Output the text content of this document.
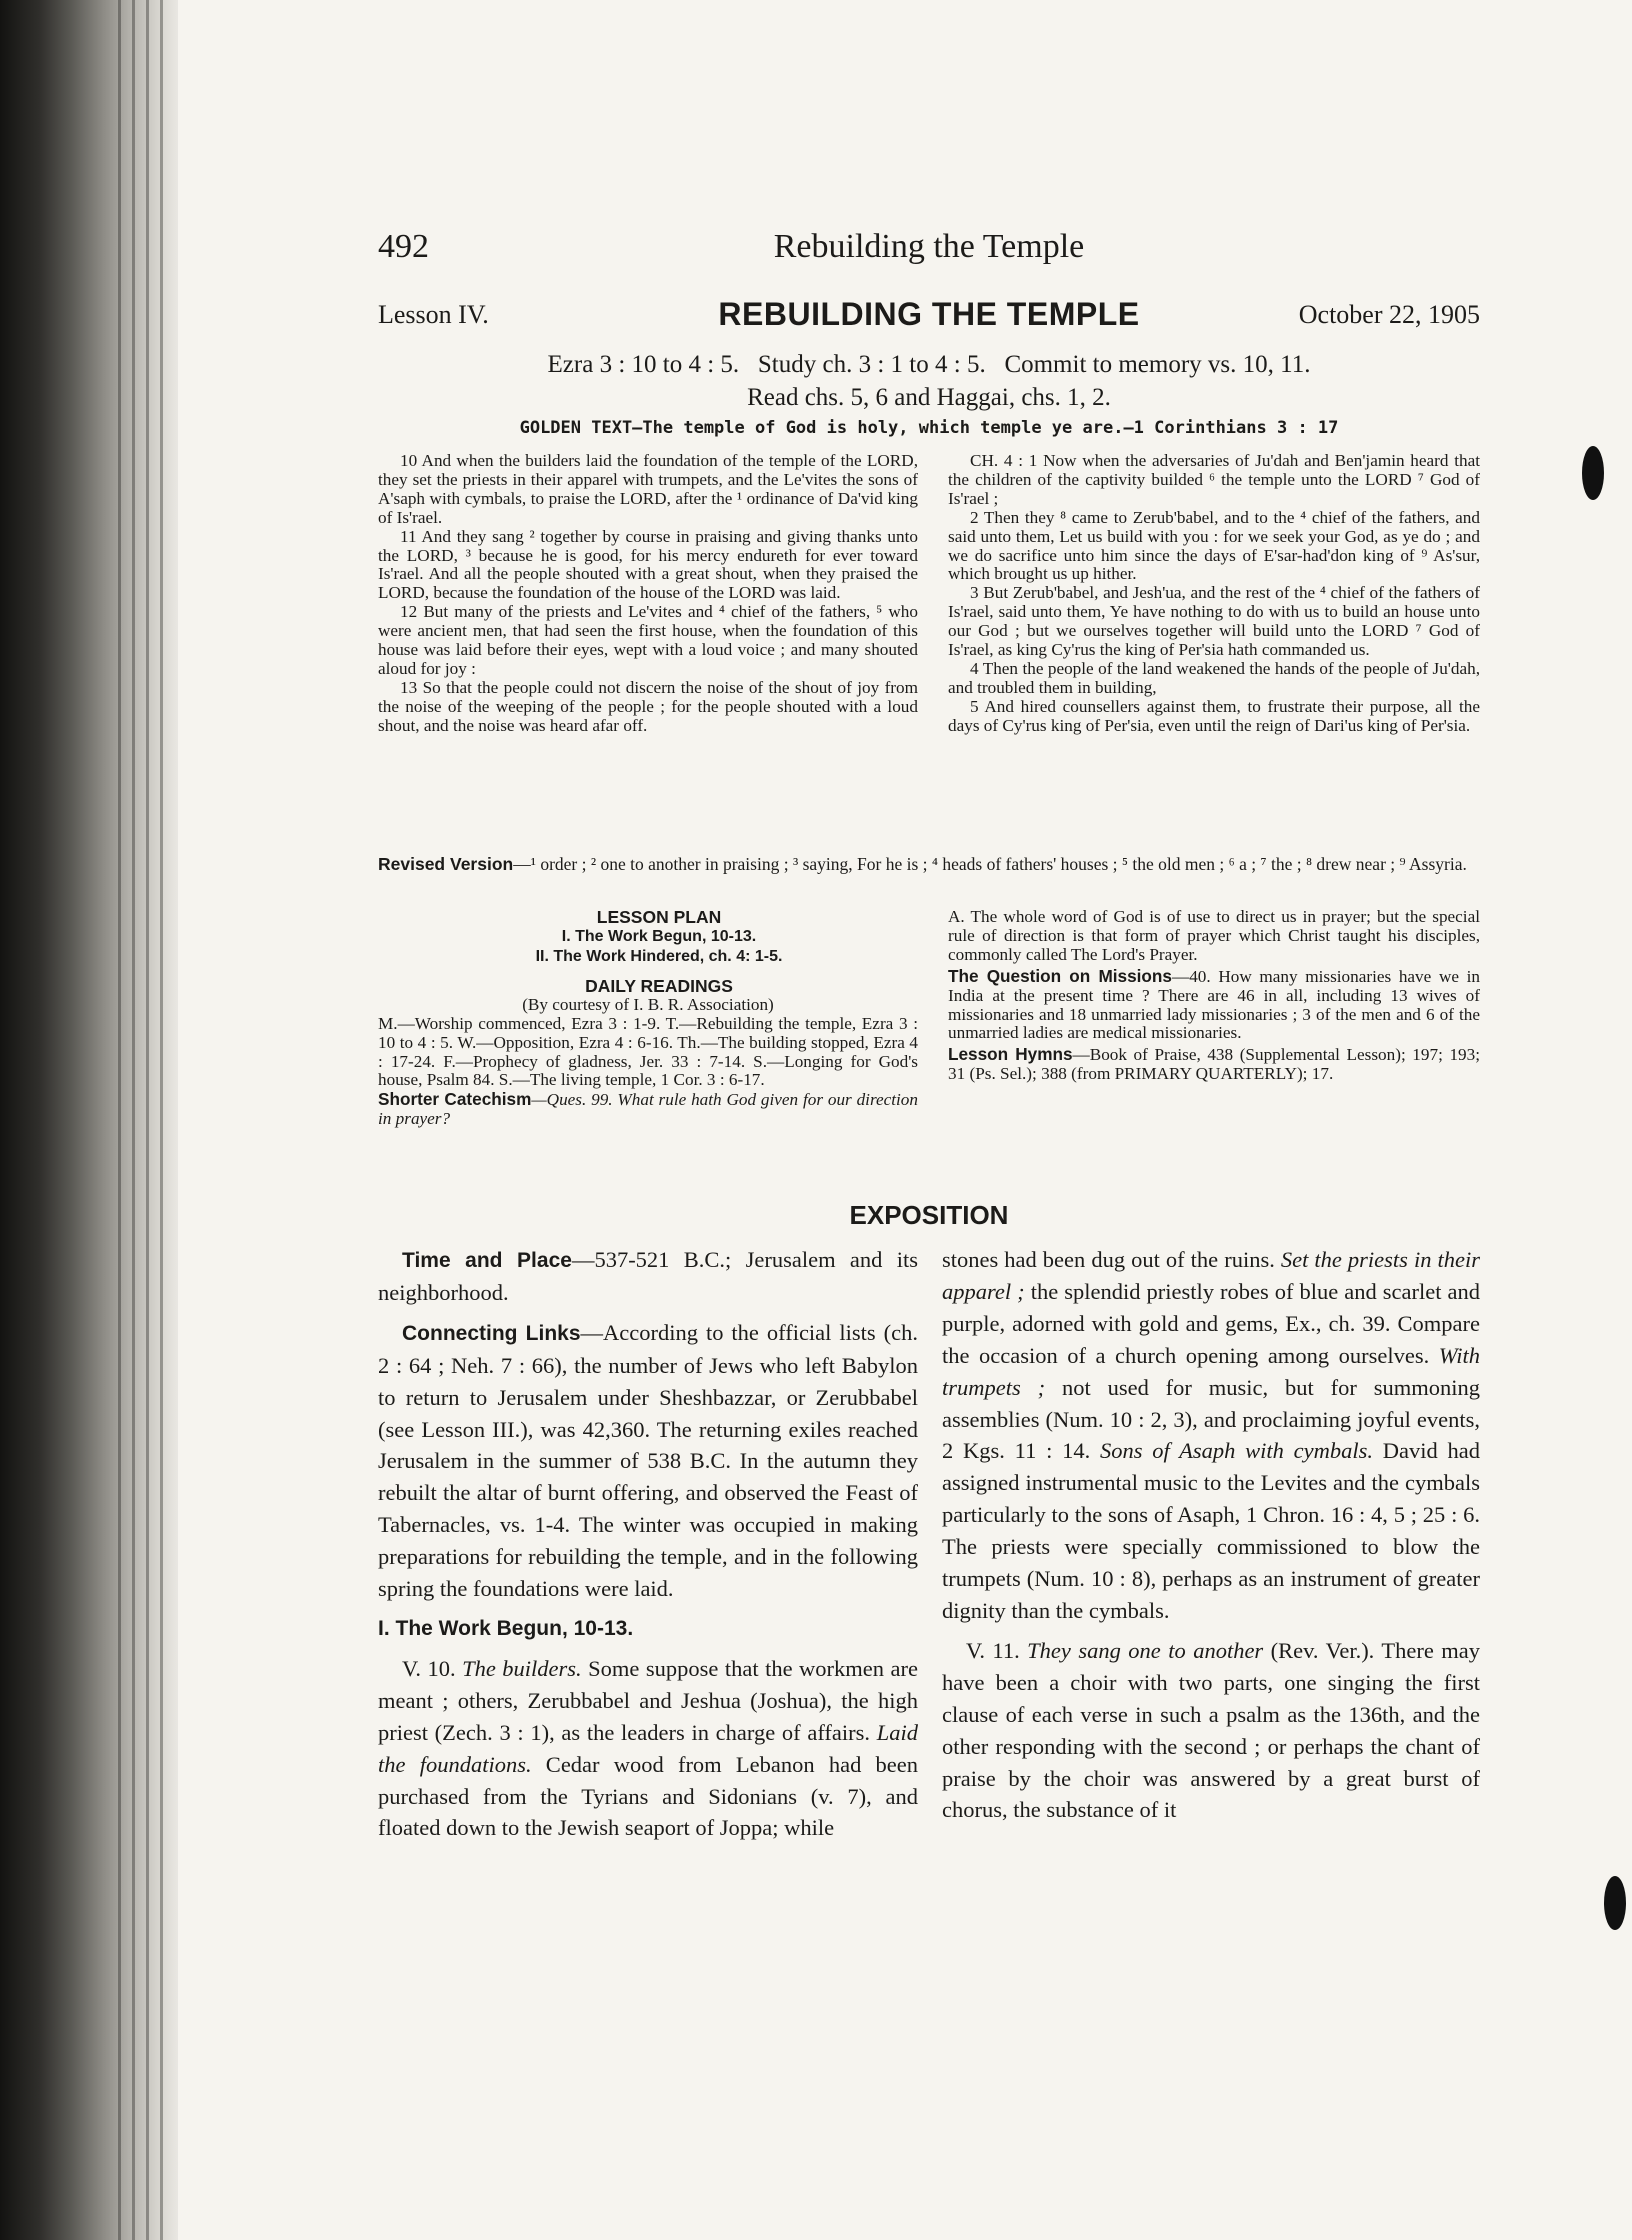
492	Rebuilding the Temple
Lesson IV.	REBUILDING THE TEMPLE	October 22, 1905
Ezra 3 : 10 to 4 : 5.   Study ch. 3 : 1 to 4 : 5.   Commit to memory vs. 10, 11.
Read chs. 5, 6 and Haggai, chs. 1, 2.
GOLDEN TEXT—The temple of God is holy, which temple ye are.—1 Corinthians 3 : 17

10 And when the builders laid the foundation of the temple of the LORD, they set the priests in their apparel with trumpets, and the Le'vites the sons of A'saph with cymbals, to praise the LORD, after the ¹ ordinance of Da'vid king of Is'rael.

11 And they sang ² together by course in praising and giving thanks unto the LORD, ³ because he is good, for his mercy endureth for ever toward Is'rael. And all the people shouted with a great shout, when they praised the LORD, because the foundation of the house of the LORD was laid.

12 But many of the priests and Le'vites and ⁴ chief of the fathers, ⁵ who were ancient men, that had seen the first house, when the foundation of this house was laid before their eyes, wept with a loud voice ; and many shouted aloud for joy :

13 So that the people could not discern the noise of the shout of joy from the noise of the weeping of the people ; for the people shouted with a loud shout, and the noise was heard afar off.

CH. 4 : 1 Now when the adversaries of Ju'dah and Ben'jamin heard that the children of the captivity builded ⁶ the temple unto the LORD ⁷ God of Is'rael ;

2 Then they ⁸ came to Zerub'babel, and to the ⁴ chief of the fathers, and said unto them, Let us build with you : for we seek your God, as ye do ; and we do sacrifice unto him since the days of E'sar-had'don king of ⁹ As'sur, which brought us up hither.

3 But Zerub'babel, and Jesh'ua, and the rest of the ⁴ chief of the fathers of Is'rael, said unto them, Ye have nothing to do with us to build an house unto our God ; but we ourselves together will build unto the LORD ⁷ God of Is'rael, as king Cy'rus the king of Per'sia hath commanded us.

4 Then the people of the land weakened the hands of the people of Ju'dah, and troubled them in building,

5 And hired counsellers against them, to frustrate their purpose, all the days of Cy'rus king of Per'sia, even until the reign of Dari'us king of Per'sia.

Revised Version—¹ order ; ² one to another in praising ; ³ saying, For he is ; ⁴ heads of fathers' houses ; ⁵ the old men ; ⁶ a ; ⁷ the ; ⁸ drew near ; ⁹ Assyria.

LESSON PLAN

I. The Work Begun, 10-13.

II. The Work Hindered, ch. 4: 1-5.

DAILY READINGS

(By courtesy of I. B. R. Association)

M.—Worship commenced, Ezra 3 : 1-9. T.—Rebuilding the temple, Ezra 3 : 10 to 4 : 5. W.—Opposition, Ezra 4 : 6-16. Th.—The building stopped, Ezra 4 : 17-24. F.—Prophecy of gladness, Jer. 33 : 7-14. S.—Longing for God's house, Psalm 84. S.—The living temple, 1 Cor. 3 : 6-17.

Shorter Catechism—Ques. 99. What rule hath God given for our direction in prayer?

A. The whole word of God is of use to direct us in prayer; but the special rule of direction is that form of prayer which Christ taught his disciples, commonly called The Lord's Prayer.

The Question on Missions—40. How many missionaries have we in India at the present time ? There are 46 in all, including 13 wives of missionaries and 18 unmarried lady missionaries ; 3 of the men and 6 of the unmarried ladies are medical missionaries.

Lesson Hymns—Book of Praise, 438 (Supplemental Lesson); 197; 193; 31 (Ps. Sel.); 388 (from PRIMARY QUARTERLY); 17.

EXPOSITION

Time and Place—537-521 B.C.; Jerusalem and its neighborhood.

Connecting Links—According to the official lists (ch. 2 : 64 ; Neh. 7 : 66), the number of Jews who left Babylon to return to Jerusalem under Sheshbazzar, or Zerubbabel (see Lesson III.), was 42,360. The returning exiles reached Jerusalem in the summer of 538 B.C. In the autumn they rebuilt the altar of burnt offering, and observed the Feast of Tabernacles, vs. 1-4. The winter was occupied in making preparations for rebuilding the temple, and in the following spring the foundations were laid.

I. The Work Begun, 10-13.

V. 10. The builders. Some suppose that the workmen are meant ; others, Zerubbabel and Jeshua (Joshua), the high priest (Zech. 3 : 1), as the leaders in charge of affairs. Laid the foundations. Cedar wood from Lebanon had been purchased from the Tyrians and Sidonians (v. 7), and floated down to the Jewish seaport of Joppa; while

stones had been dug out of the ruins. Set the priests in their apparel ; the splendid priestly robes of blue and scarlet and purple, adorned with gold and gems, Ex., ch. 39. Compare the occasion of a church opening among ourselves. With trumpets ; not used for music, but for summoning assemblies (Num. 10 : 2, 3), and proclaiming joyful events, 2 Kgs. 11 : 14. Sons of Asaph with cymbals. David had assigned instrumental music to the Levites and the cymbals particularly to the sons of Asaph, 1 Chron. 16 : 4, 5 ; 25 : 6. The priests were specially commissioned to blow the trumpets (Num. 10 : 8), perhaps as an instrument of greater dignity than the cymbals.

V. 11. They sang one to another (Rev. Ver.). There may have been a choir with two parts, one singing the first clause of each verse in such a psalm as the 136th, and the other responding with the second ; or perhaps the chant of praise by the choir was answered by a great burst of chorus, the substance of it
